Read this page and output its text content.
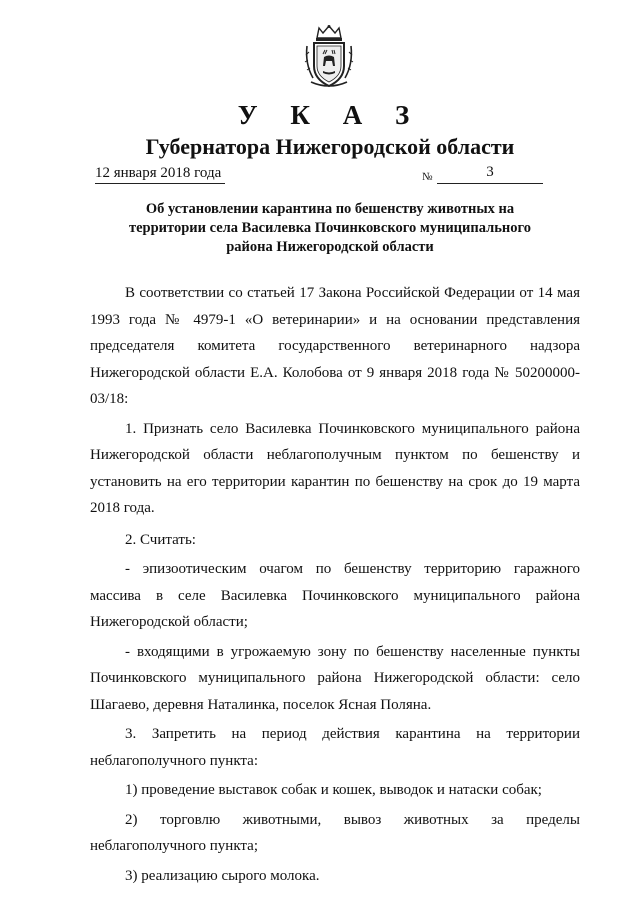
У К А З
Губернатора Нижегородской области
12 января 2018 года	№	3
Об установлении карантина по бешенству животных на
территории села Василевка Починковского муниципального
района Нижегородской области

В соответствии со статьей 17 Закона Российской Федерации от 14 мая 1993 года № 4979-1 «О ветеринарии» и на основании представления председателя комитета государственного ветеринарного надзора Нижегородской области Е.А. Колобова от 9 января 2018 года № 50200000-03/18:

1. Признать село Василевка Починковского муниципального района Нижегородской области неблагополучным пунктом по бешенству и установить на его территории карантин по бешенству на срок до 19 марта 2018 года.

2. Считать:

- эпизоотическим очагом по бешенству территорию гаражного массива в селе Василевка Починковского муниципального района Нижегородской области;

- входящими в угрожаемую зону по бешенству населенные пункты Починковского муниципального района Нижегородской области: село Шагаево, деревня Наталинка, поселок Ясная Поляна.

3. Запретить на период действия карантина на территории неблагополучного пункта:

1) проведение выставок собак и кошек, выводок и натаски собак;

2) торговлю животными, вывоз животных за пределы неблагополучного пункта;

3) реализацию сырого молока.
